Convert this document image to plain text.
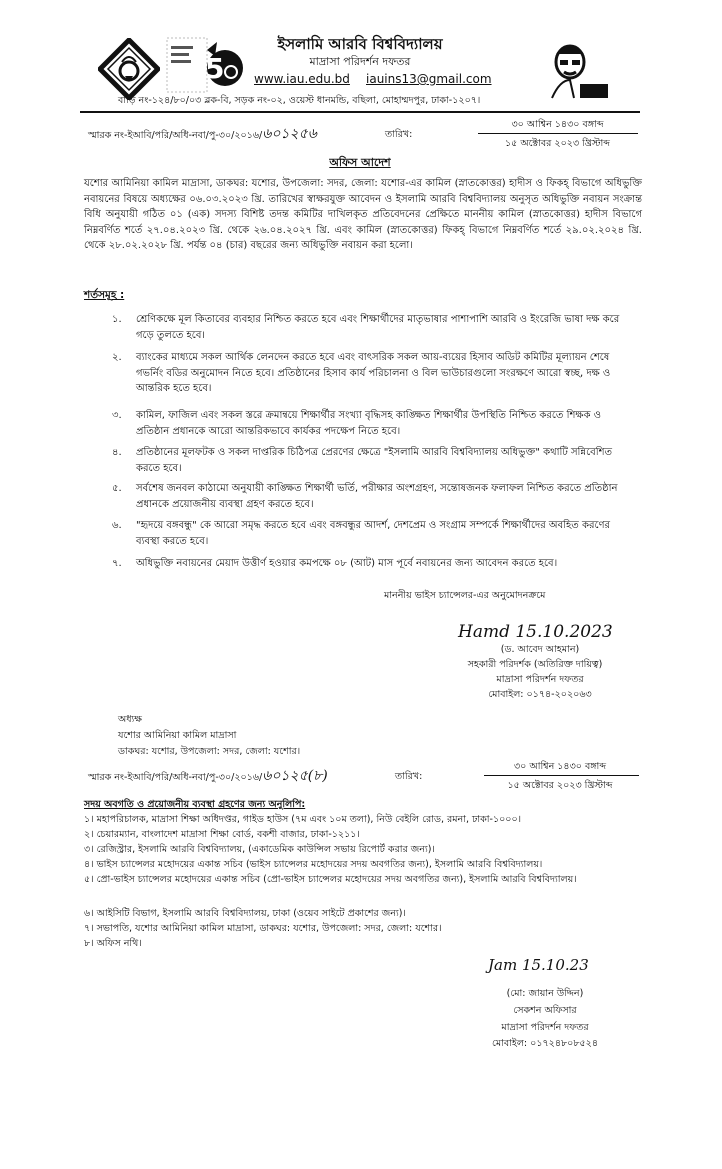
5
ইসলামি আরবি বিশ্ববিদ্যালয়
মাদ্রাসা পরিদর্শন দফতর
www.iau.edu.bd iauins13@gmail.com
বাড়ি নং-১২৪/৮০/০৩ ব্লক-বি, সড়ক নং-০২, ওয়েস্ট ধানমন্ডি, বছিলা, মোহাম্মদপুর, ঢাকা-১২০৭।
স্মারক নং-ইআবি/পরি/অধি-নবা/পু-৩০/২০১৬/৬০১২৫৬	তারিখ:
৩০ আশ্বিন ১৪৩০ বঙ্গাব্দ
১৫ অক্টোবর ২০২৩ খ্রিস্টাব্দ
অফিস আদেশ
যশোর আমিনিয়া কামিল মাদ্রাসা, ডাকঘর: যশোর, উপজেলা: সদর, জেলা: যশোর-এর কামিল (স্নাতকোত্তর) হাদীস ও ফিকহ্ বিভাগে অধিভুক্তি নবায়নের বিষয়ে অধ্যক্ষের ০৬.০৩.২০২৩ খ্রি. তারিখের স্বাক্ষরযুক্ত আবেদন ও ইসলামি আরবি বিশ্ববিদ্যালয় অনুসৃত অধিভুক্তি নবায়ন সংক্রান্ত বিধি অনুযায়ী গঠিত ০১ (এক) সদস্য বিশিষ্ট তদন্ত কমিটির দাখিলকৃত প্রতিবেদনের প্রেক্ষিতে মাননীয় কামিল (স্নাতকোত্তর) হাদীস বিভাগে নিম্নবর্ণিত শর্তে ২৭.০৪.২০২৩ খ্রি. থেকে ২৬.০৪.২০২৭ খ্রি. এবং কামিল (স্নাতকোত্তর) ফিকহ্ বিভাগে নিম্নবর্ণিত শর্তে ২৯.০২.২০২৪ খ্রি. থেকে ২৮.০২.২০২৮ খ্রি. পর্যন্ত ০৪ (চার) বছরের জন্য অধিভুক্তি নবায়ন করা হলো।
শর্তসমূহ :
১.	শ্রেণিকক্ষে মূল কিতাবের ব্যবহার নিশ্চিত করতে হবে এবং শিক্ষার্থীদের মাতৃভাষার পাশাপাশি আরবি ও ইংরেজি ভাষা দক্ষ করে গড়ে তুলতে হবে।
২.	ব্যাংকের মাধ্যমে সকল আর্থিক লেনদেন করতে হবে এবং বাৎসরিক সকল আয়-ব্যয়ের হিসাব অডিট কমিটির মূল্যায়ন শেষে গভর্নিং বডির অনুমোদন নিতে হবে। প্রতিষ্ঠানের হিসাব কার্য পরিচালনা ও বিল ভাউচারগুলো সংরক্ষণে আরো স্বচ্ছ, দক্ষ ও আন্তরিক হতে হবে।
৩.	কামিল, ফাজিল এবং সকল স্তরে ক্রমান্বয়ে শিক্ষার্থীর সংখ্যা বৃদ্ধিসহ কাঙ্ক্ষিত শিক্ষার্থীর উপস্থিতি নিশ্চিত করতে শিক্ষক ও প্রতিষ্ঠান প্রধানকে আরো আন্তরিকভাবে কার্যকর পদক্ষেপ নিতে হবে।
৪.	প্রতিষ্ঠানের মূলফটক ও সকল দাপ্তরিক চিঠিপত্র প্রেরণের ক্ষেত্রে "ইসলামি আরবি বিশ্ববিদ্যালয় অধিভুক্ত" কথাটি সন্নিবেশিত করতে হবে।
৫.	সর্বশেষ জনবল কাঠামো অনুযায়ী কাঙ্ক্ষিত শিক্ষার্থী ভর্তি, পরীক্ষার অংশগ্রহণ, সন্তোষজনক ফলাফল নিশ্চিত করতে প্রতিষ্ঠান প্রধানকে প্রয়োজনীয় ব্যবস্থা গ্রহণ করতে হবে।
৬.	"হৃদয়ে বঙ্গবন্ধু" কে আরো সমৃদ্ধ করতে হবে এবং বঙ্গবন্ধুর আদর্শ, দেশপ্রেম ও সংগ্রাম সম্পর্কে শিক্ষার্থীদের অবহিত করণের ব্যবস্থা করতে হবে।
৭.	অধিভুক্তি নবায়নের মেয়াদ উত্তীর্ণ হওয়ার কমপক্ষে ০৮ (আট) মাস পূর্বে নবায়নের জন্য আবেদন করতে হবে।
মাননীয় ভাইস চ্যান্সেলর-এর অনুমোদনক্রমে
Hamd 15.10.2023
(ড. আবেদ আহমান)
সহকারী পরিদর্শক (অতিরিক্ত দায়িত্ব)
মাদ্রাসা পরিদর্শন দফতর
মোবাইল: ০১৭৪-২০২০৬৩
অধ্যক্ষ
যশোর আমিনিয়া কামিল মাদ্রাসা
ডাকঘর: যশোর, উপজেলা: সদর, জেলা: যশোর।
স্মারক নং-ইআবি/পরি/অধি-নবা/পু-৩০/২০১৬/৬০১২৫(৮)	তারিখ:
৩০ আশ্বিন ১৪৩০ বঙ্গাব্দ
১৫ অক্টোবর ২০২৩ খ্রিস্টাব্দ
সদয় অবগতি ও প্রয়োজনীয় ব্যবস্থা গ্রহণের জন্য অনুলিপি:
১। মহাপরিচালক, মাদ্রাসা শিক্ষা অধিদপ্তর, গাইড হাউস (৭ম এবং ১০ম তলা), নিউ বেইলি রোড, রমনা, ঢাকা-১০০০।
২। চেয়ারম্যান, বাংলাদেশ মাদ্রাসা শিক্ষা বোর্ড, বকশী বাজার, ঢাকা-১২১১।
৩। রেজিস্ট্রার, ইসলামি আরবি বিশ্ববিদ্যালয়, (একাডেমিক কাউন্সিল সভায় রিপোর্ট করার জন্য)।
৪। ভাইস চ্যান্সেলর মহোদয়ের একান্ত সচিব (ভাইস চ্যান্সেলর মহোদয়ের সদয় অবগতির জন্য), ইসলামি আরবি বিশ্ববিদ্যালয়।
৫। প্রো-ভাইস চ্যান্সেলর মহোদয়ের একান্ত সচিব (প্রো-ভাইস চ্যান্সেলর মহোদয়ের সদয় অবগতির জন্য), ইসলামি আরবি বিশ্ববিদ্যালয়।
৬। আইসিটি বিভাগ, ইসলামি আরবি বিশ্ববিদ্যালয়, ঢাকা (ওয়েব সাইটে প্রকাশের জন্য)।
৭। সভাপতি, যশোর আমিনিয়া কামিল মাদ্রাসা, ডাকঘর: যশোর, উপজেলা: সদর, জেলা: যশোর।
৮। অফিস নথি।
Jam 15.10.23
(মো: জায়ান উদ্দিন)
সেকশন অফিসার
মাদ্রাসা পরিদর্শন দফতর
মোবাইল: ০১৭২৪৮০৮৫২৪
